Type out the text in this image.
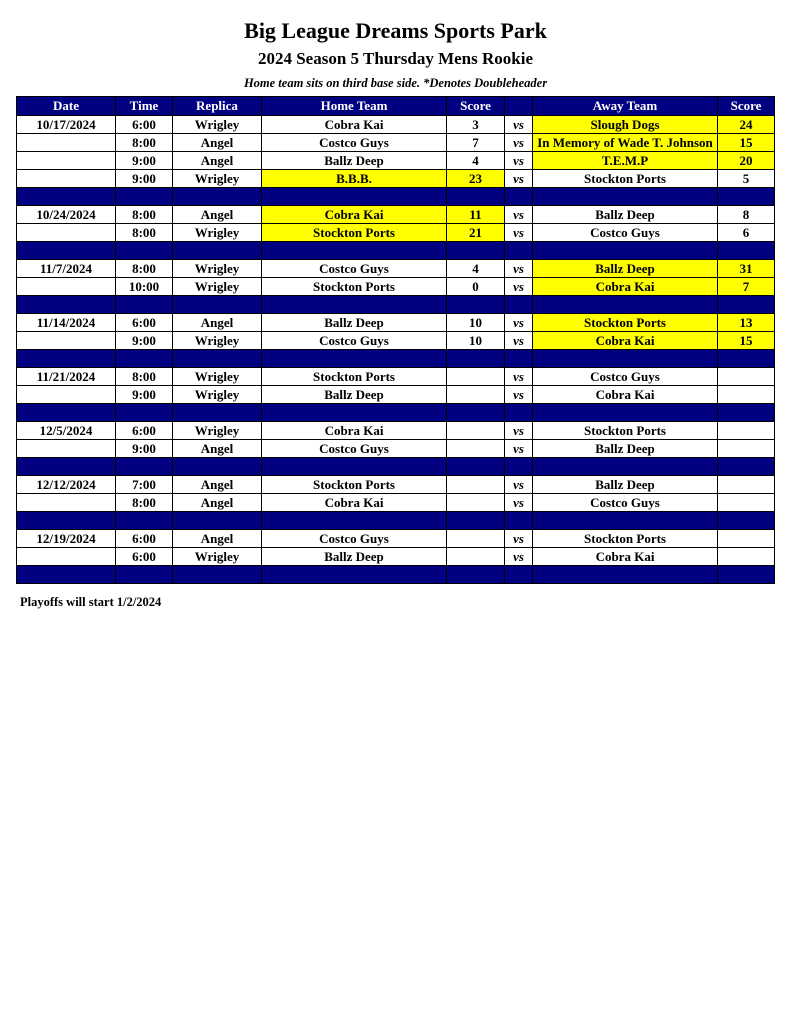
Big League Dreams Sports Park
2024 Season 5 Thursday Mens Rookie
Home team sits on third base side. *Denotes Doubleheader
Date	Time	Replica	Home Team	Score		Away Team	Score
10/17/2024	6:00	Wrigley	Cobra Kai	3	vs	Slough Dogs	24
	8:00	Angel	Costco Guys	7	vs	In Memory of Wade T. Johnson	15
	9:00	Angel	Ballz Deep	4	vs	T.E.M.P	20
	9:00	Wrigley	B.B.B.	23	vs	Stockton Ports	5

10/24/2024	8:00	Angel	Cobra Kai	11	vs	Ballz Deep	8
	8:00	Wrigley	Stockton Ports	21	vs	Costco Guys	6

11/7/2024	8:00	Wrigley	Costco Guys	4	vs	Ballz Deep	31
	10:00	Wrigley	Stockton Ports	0	vs	Cobra Kai	7

11/14/2024	6:00	Angel	Ballz Deep	10	vs	Stockton Ports	13
	9:00	Wrigley	Costco Guys	10	vs	Cobra Kai	15

11/21/2024	8:00	Wrigley	Stockton Ports		vs	Costco Guys	
	9:00	Wrigley	Ballz Deep		vs	Cobra Kai	

12/5/2024	6:00	Wrigley	Cobra Kai		vs	Stockton Ports	
	9:00	Angel	Costco Guys		vs	Ballz Deep	

12/12/2024	7:00	Angel	Stockton Ports		vs	Ballz Deep	
	8:00	Angel	Cobra Kai		vs	Costco Guys	

12/19/2024	6:00	Angel	Costco Guys		vs	Stockton Ports	
	6:00	Wrigley	Ballz Deep		vs	Cobra Kai	

Playoffs will start 1/2/2024
